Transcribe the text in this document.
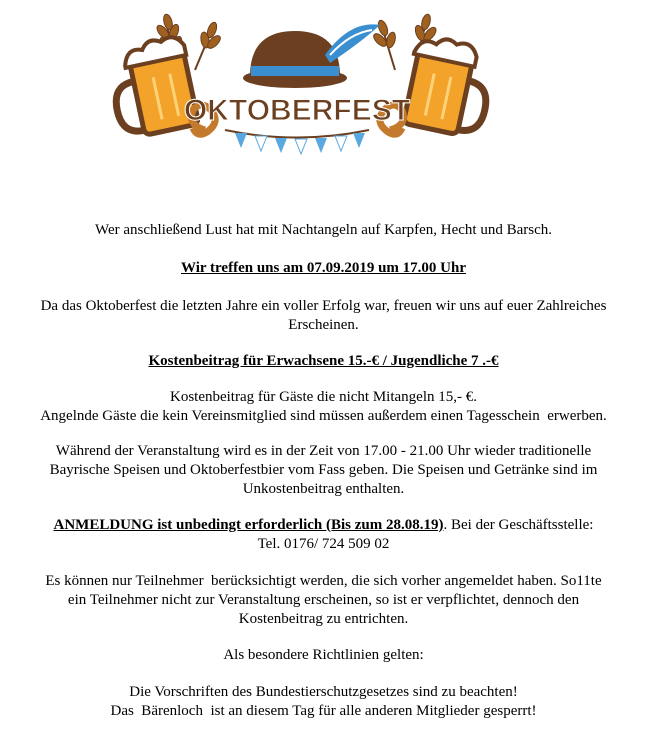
OKTOBERFEST
Wer anschließend Lust hat mit Nachtangeln auf Karpfen, Hecht und Barsch.
Wir treffen uns am 07.09.2019 um 17.00 Uhr
Da das Oktoberfest die letzten Jahre ein voller Erfolg war, freuen wir uns auf euer Zahlreiches
Erscheinen.
Kostenbeitrag für Erwachsene 15.-€ / Jugendliche 7 .-€
Kostenbeitrag für Gäste die nicht Mitangeln 15,- €.
Angelnde Gäste die kein Vereinsmitglied sind müssen außerdem einen Tagesschein  erwerben.
Während der Veranstaltung wird es in der Zeit von 17.00 - 21.00 Uhr wieder traditionelle
Bayrische Speisen und Oktoberfestbier vom Fass geben. Die Speisen und Getränke sind im
Unkostenbeitrag enthalten.
ANMELDUNG ist unbedingt erforderlich (Bis zum 28.08.19). Bei der Geschäftsstelle:
Tel. 0176/ 724 509 02
Es können nur Teilnehmer  berücksichtigt werden, die sich vorher angemeldet haben. So11te
ein Teilnehmer nicht zur Veranstaltung erscheinen, so ist er verpflichtet, dennoch den
Kostenbeitrag zu entrichten.
Als besondere Richtlinien gelten:
Die Vorschriften des Bundestierschutzgesetzes sind zu beachten!
Das  Bärenloch  ist an diesem Tag für alle anderen Mitglieder gesperrt!
